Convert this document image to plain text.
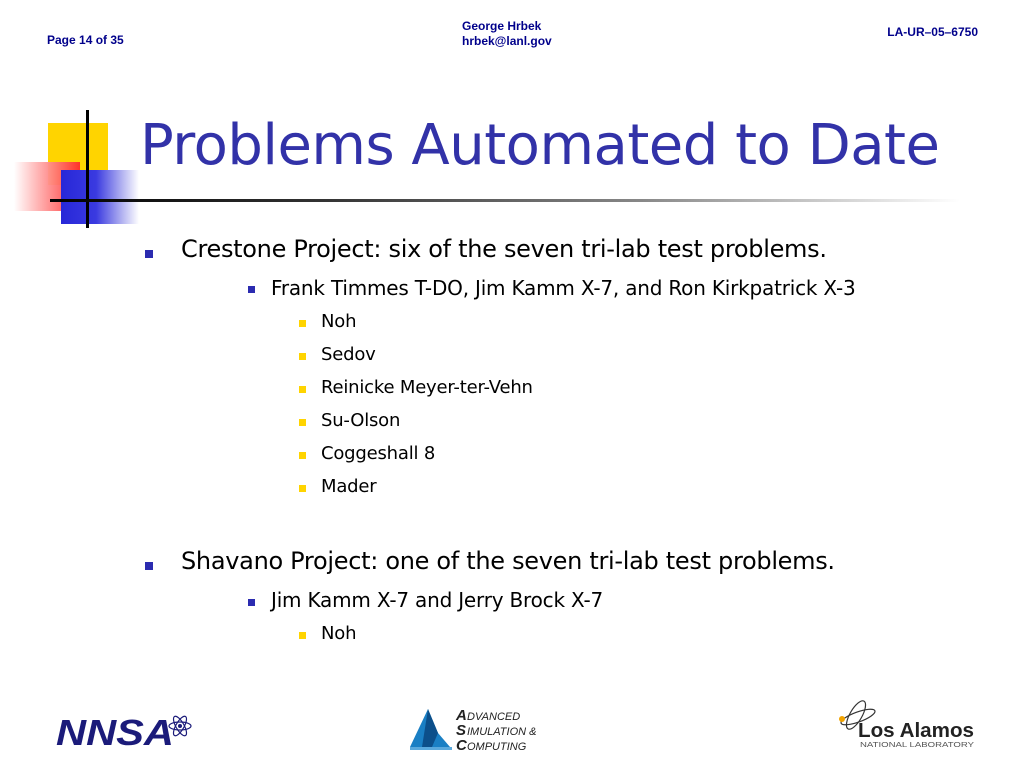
Page 14 of 35
George Hrbek
hrbek@lanl.gov
LA-UR–05–6750
Problems Automated to Date
Crestone Project: six of the seven tri-lab test problems.
Frank Timmes T-DO, Jim Kamm X-7, and Ron Kirkpatrick X-3
Noh
Sedov
Reinicke Meyer-ter-Vehn
Su-Olson
Coggeshall 8
Mader
Shavano Project: one of the seven tri-lab test problems.
Jim Kamm X-7 and Jerry Brock X-7
Noh
NNSA	A DVANCED
S IMULATION &
C OMPUTING
Los Alamos
NATIONAL LABORATORY
